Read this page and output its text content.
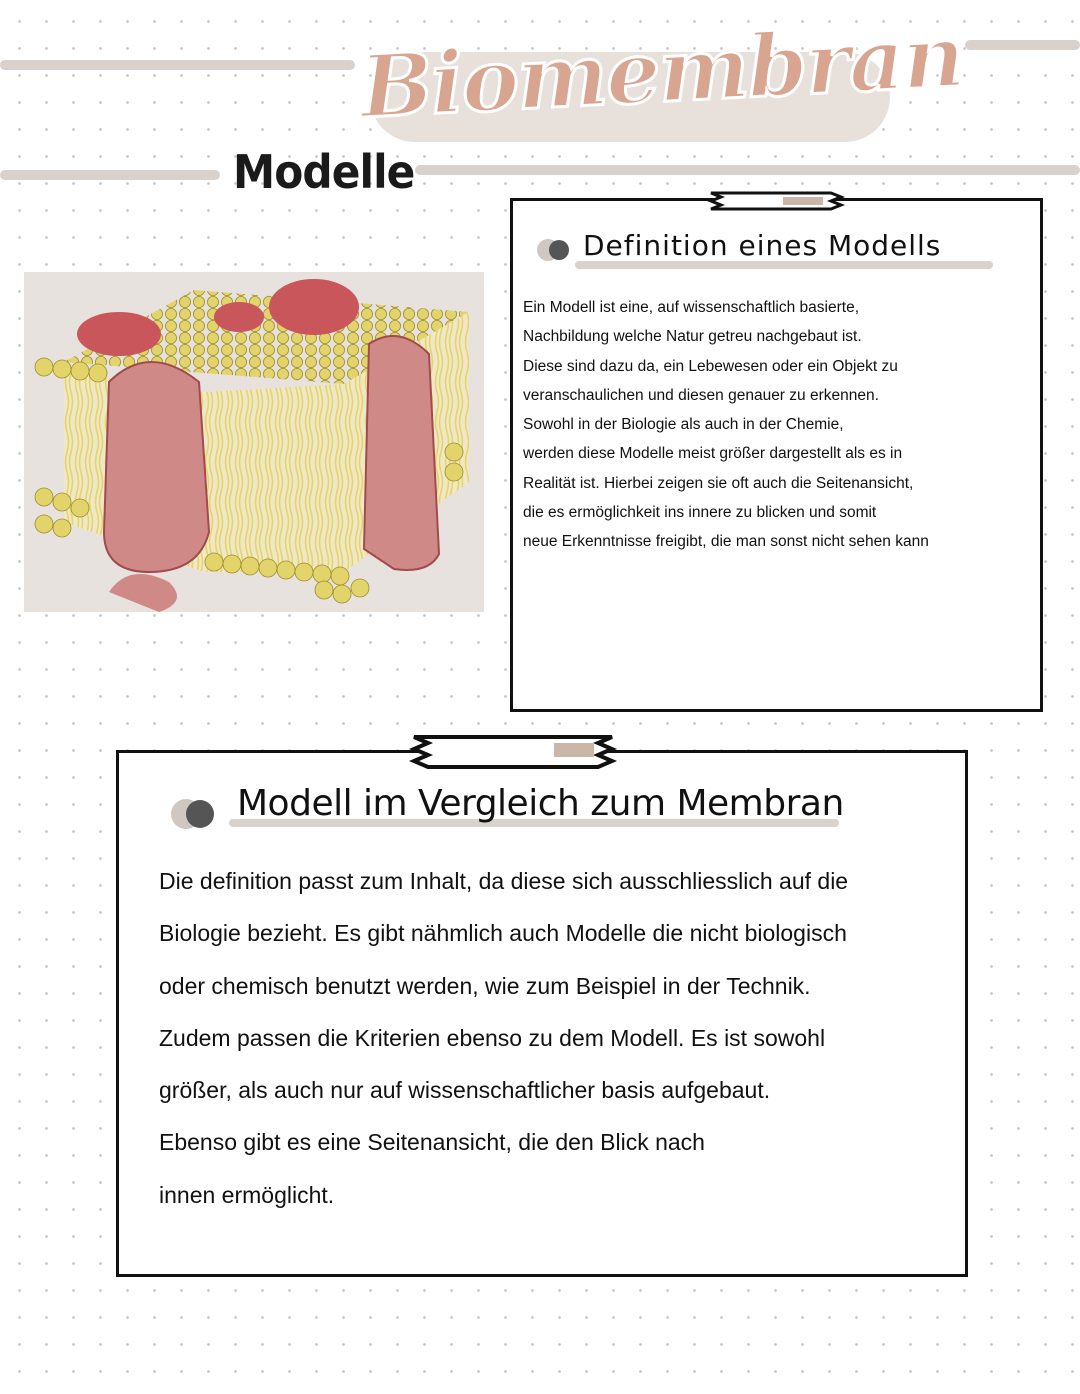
Biomembran
Modelle
Definition eines Modells
Ein Modell ist eine, auf wissenschaftlich basierte,
Nachbildung welche Natur getreu nachgebaut ist.
Diese sind dazu da, ein Lebewesen oder ein Objekt zu
veranschaulichen und diesen genauer zu erkennen.
Sowohl in der Biologie als auch in der Chemie,
werden diese Modelle meist größer dargestellt als es in
Realität ist. Hierbei zeigen sie oft auch die Seitenansicht,
die es ermöglichkeit ins innere zu blicken und somit
neue Erkenntnisse freigibt, die man sonst nicht sehen kann
Modell im Vergleich zum Membran
Die definition passt zum Inhalt, da diese sich ausschliesslich auf die
Biologie bezieht. Es gibt nähmlich auch Modelle die nicht biologisch
oder chemisch benutzt werden, wie zum Beispiel in der Technik.
Zudem passen die Kriterien ebenso zu dem Modell. Es ist sowohl
größer, als auch nur auf wissenschaftlicher basis aufgebaut.
Ebenso gibt es eine Seitenansicht, die den Blick nach
innen ermöglicht.
